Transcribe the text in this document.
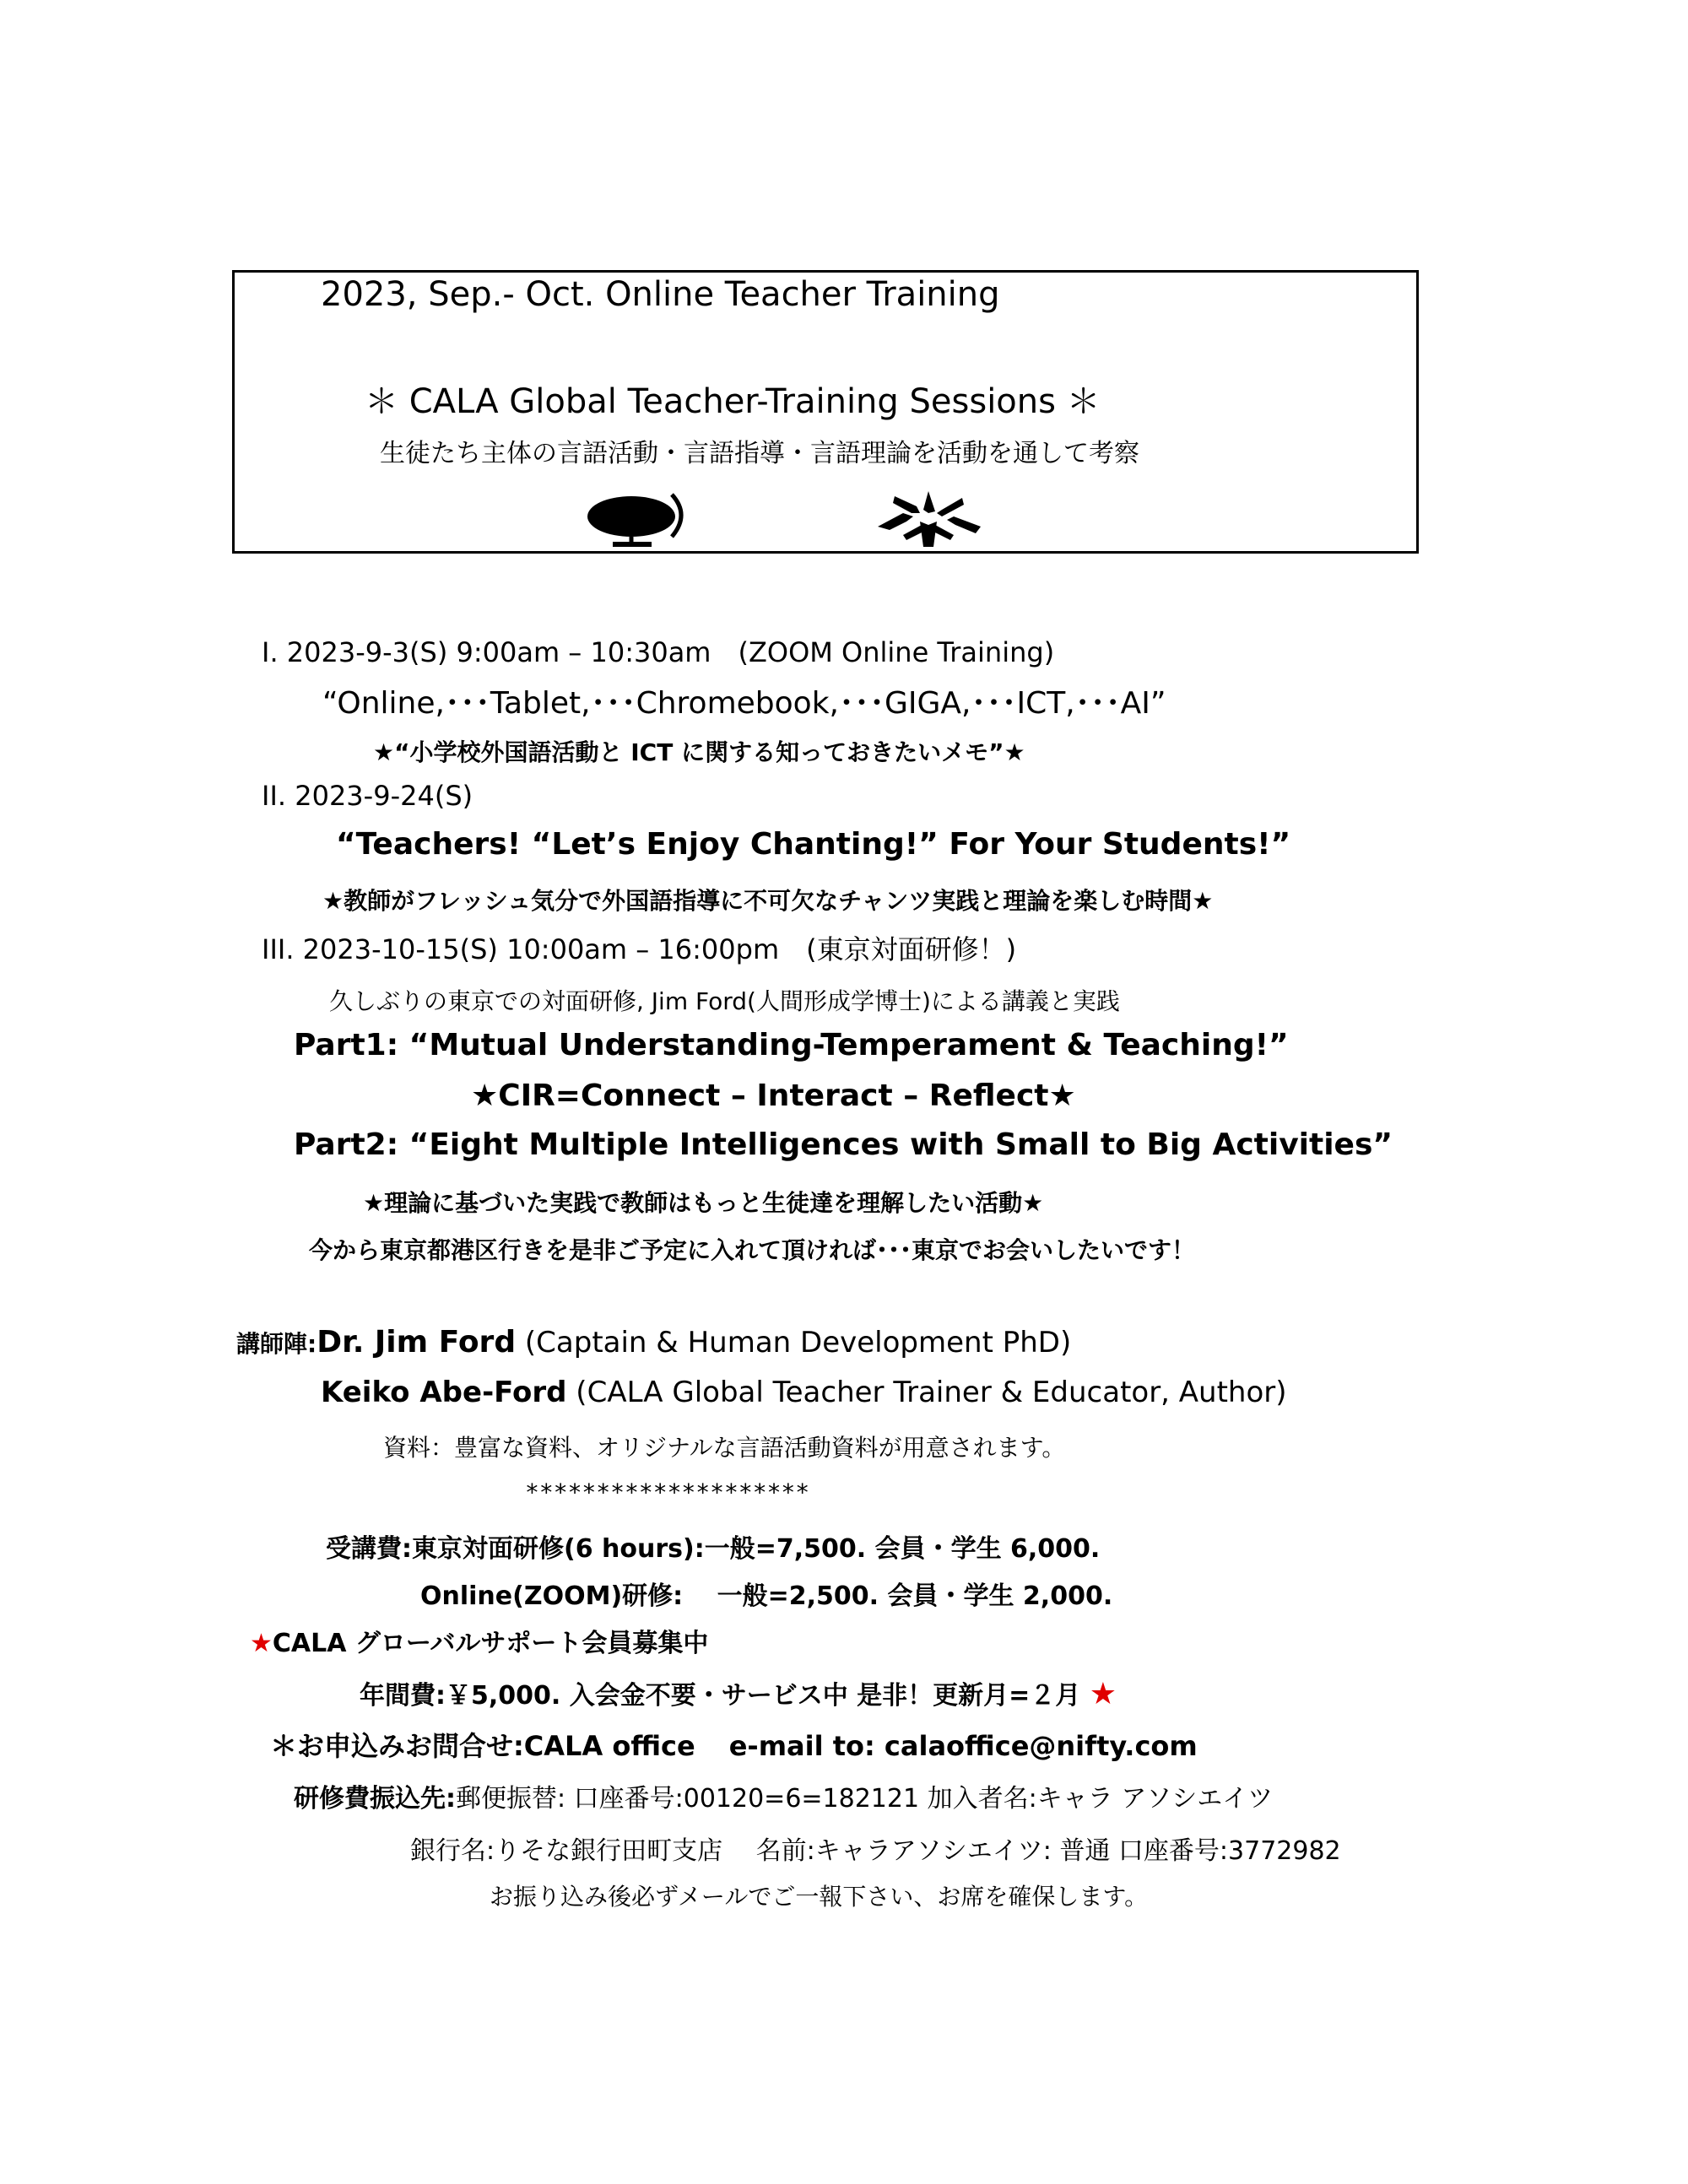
2023, Sep.- Oct. Online Teacher Training
＊ CALA Global Teacher-Training Sessions ＊
生徒たち主体の言語活動・言語指導・言語理論を活動を通して考察
I. 2023-9-3(S) 9:00am – 10:30am　(ZOOM Online Training)
“Online,･･･Tablet,･･･Chromebook,･･･GIGA,･･･ICT,･･･AI”
★“小学校外国語活動と ICT に関する知っておきたいメモ”★
II. 2023-9-24(S)
“Teachers! “Let’s Enjoy Chanting!” For Your Students!”
★教師がフレッシュ気分で外国語指導に不可欠なチャンツ実践と理論を楽しむ時間★
III. 2023-10-15(S) 10:00am – 16:00pm　(東京対面研修！)
久しぶりの東京での対面研修, Jim Ford(人間形成学博士)による講義と実践
Part1: “Mutual Understanding-Temperament & Teaching!”
★CIR=Connect – Interact – Reflect★
Part2: “Eight Multiple Intelligences with Small to Big Activities”
★理論に基づいた実践で教師はもっと生徒達を理解したい活動★
今から東京都港区行きを是非ご予定に入れて頂ければ･･･東京でお会いしたいです！
講師陣:Dr. Jim Ford (Captain & Human Development PhD)
Keiko Abe-Ford (CALA Global Teacher Trainer & Educator, Author)
資料：豊富な資料、オリジナルな言語活動資料が用意されます。
********************
受講費:東京対面研修(6 hours):一般=7,500. 会員・学生 6,000.
Online(ZOOM)研修:　 一般=2,500. 会員・学生 2,000.
★CALA グローバルサポート会員募集中
年間費:￥5,000. 入会金不要・サービス中 是非！更新月=２月 ★
＊お申込みお問合せ:CALA office e-mail to: calaoffice@nifty.com
研修費振込先:郵便振替: 口座番号:00120=6=182121 加入者名:キャラ アソシエイツ
銀行名:りそな銀行田町支店　 名前:キャラアソシエイツ: 普通 口座番号:3772982
お振り込み後必ずメールでご一報下さい、お席を確保します。
